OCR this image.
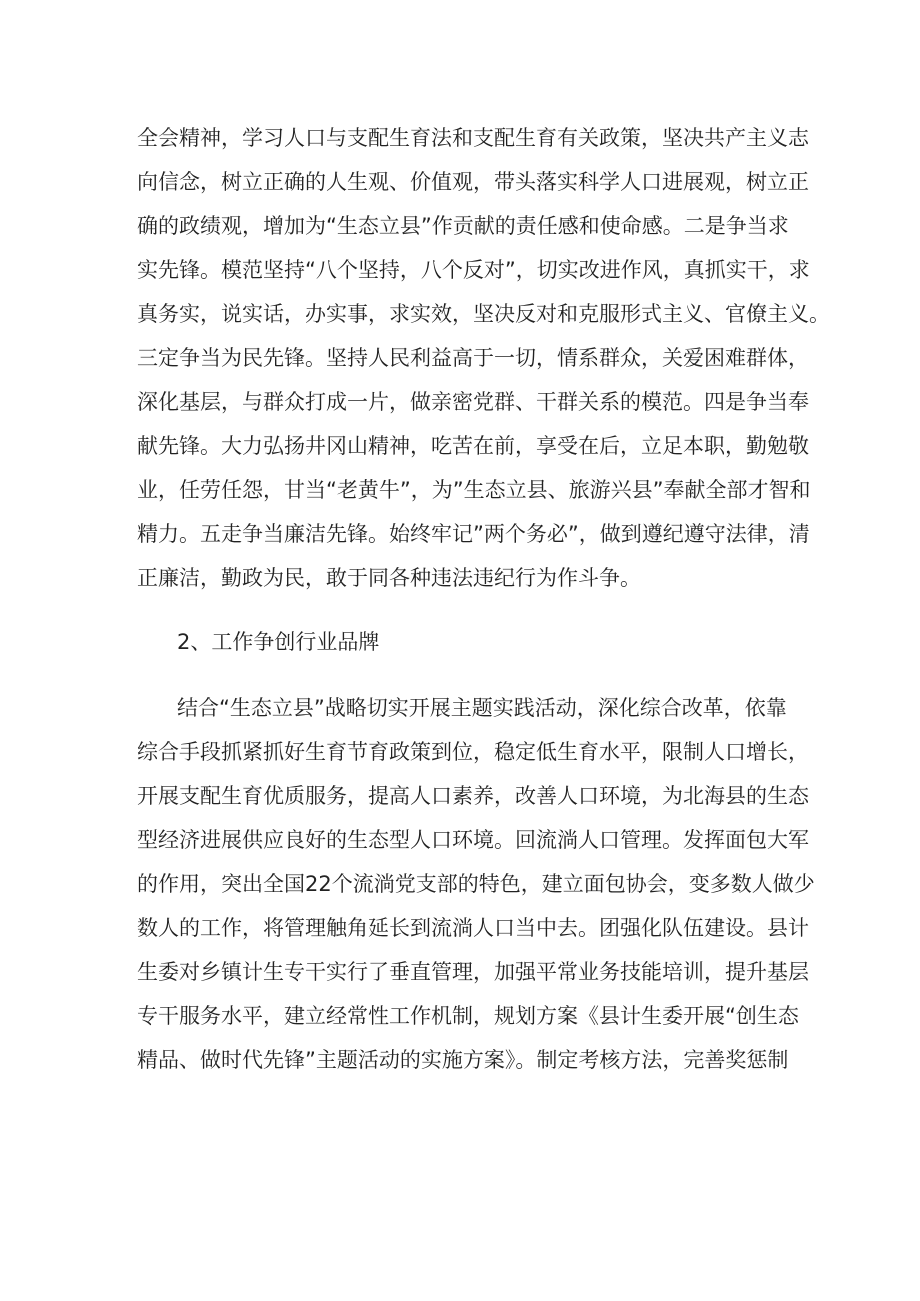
全会精神，学习人口与支配生育法和支配生育有关政策，坚决共产主义志
向信念，树立正确的人生观、价值观，带头落实科学人口进展观，树立正
确的政绩观，增加为“生态立县”作贡献的责任感和使命感。二是争当求
实先锋。模范坚持“八个坚持，八个反对”，切实改进作风，真抓实干，求
真务实，说实话，办实事，求实效，坚决反对和克服形式主义、官僚主义。
三定争当为民先锋。坚持人民利益高于一切，情系群众，关爱困难群体，
深化基层，与群众打成一片，做亲密党群、干群关系的模范。四是争当奉
献先锋。大力弘扬井冈山精神，吃苦在前，享受在后，立足本职，勤勉敬
业，任劳任怨，甘当“老黄牛”，为”生态立县、旅游兴县”奉献全部才智和
精力。五走争当廉洁先锋。始终牢记”两个务必”，做到遵纪遵守法律，清
正廉洁，勤政为民，敢于同各种违法违纪行为作斗争。
2、工作争创行业品牌
结合“生态立县”战略切实开展主题实践活动，深化综合改革，依靠
综合手段抓紧抓好生育节育政策到位，稳定低生育水平，限制人口增长，
开展支配生育优质服务，提高人口素养，改善人口环境，为北海县的生态
型经济进展供应良好的生态型人口环境。回流淌人口管理。发挥面包大军
的作用，突出全国22个流淌党支部的特色，建立面包协会，变多数人做少
数人的工作，将管理触角延长到流淌人口当中去。团强化队伍建设。县计
生委对乡镇计生专干实行了垂直管理，加强平常业务技能培训，提升基层
专干服务水平，建立经常性工作机制，规划方案《县计生委开展“创生态
精品、做时代先锋”主题活动的实施方案》。制定考核方法，完善奖惩制
